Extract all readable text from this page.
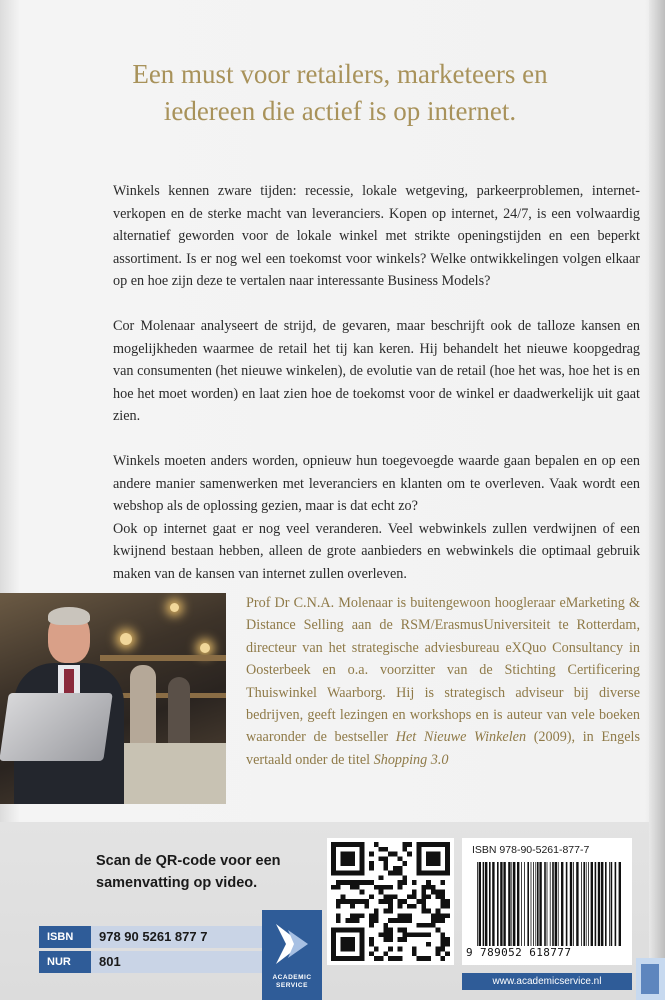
Een must voor retailers, marketeers en
iedereen die actief is op internet.

Winkels kennen zware tijden: recessie, lokale wetgeving, parkeerproblemen, internet-verkopen en de sterke macht van leveranciers. Kopen op internet, 24/7, is een volwaardig alternatief geworden voor de lokale winkel met strikte openingstijden en een beperkt assortiment. Is er nog wel een toekomst voor winkels? Welke ontwikkelingen volgen elkaar op en hoe zijn deze te vertalen naar interessante Business Models?

Cor Molenaar analyseert de strijd, de gevaren, maar beschrijft ook de talloze kansen en mogelijkheden waarmee de retail het tij kan keren. Hij behandelt het nieuwe koopgedrag van consumenten (het nieuwe winkelen), de evolutie van de retail (hoe het was, hoe het is en hoe het moet worden) en laat zien hoe de toekomst voor de winkel er daadwerkelijk uit gaat zien.

Winkels moeten anders worden, opnieuw hun toegevoegde waarde gaan bepalen en op een andere manier samenwerken met leveranciers en klanten om te overleven. Vaak wordt een webshop als de oplossing gezien, maar is dat echt zo?

Ook op internet gaat er nog veel veranderen. Veel webwinkels zullen verdwijnen of een kwijnend bestaan hebben, alleen de grote aanbieders en webwinkels die optimaal gebruik maken van de kansen van internet zullen overleven.

Prof Dr C.N.A. Molenaar is buitengewoon hoogleraar eMarketing & Distance Selling aan de RSM/ErasmusUniversiteit te Rotterdam, directeur van het strategische adviesbureau eXQuo Consultancy in Oosterbeek en o.a. voorzitter van de Stichting Certificering Thuiswinkel Waarborg. Hij is strategisch adviseur bij diverse bedrijven, geeft lezingen en workshops en is auteur van vele boeken waaronder de bestseller Het Nieuwe Winkelen (2009), in Engels vertaald onder de titel Shopping 3.0
Scan de QR-code voor een samenvatting op video.
ISBN 978-90-5261-877-7
9 789052 618777
ISBN	978 90 5261 877 7
NUR	801
ACADEMIC
SERVICE	www.academicservice.nl
